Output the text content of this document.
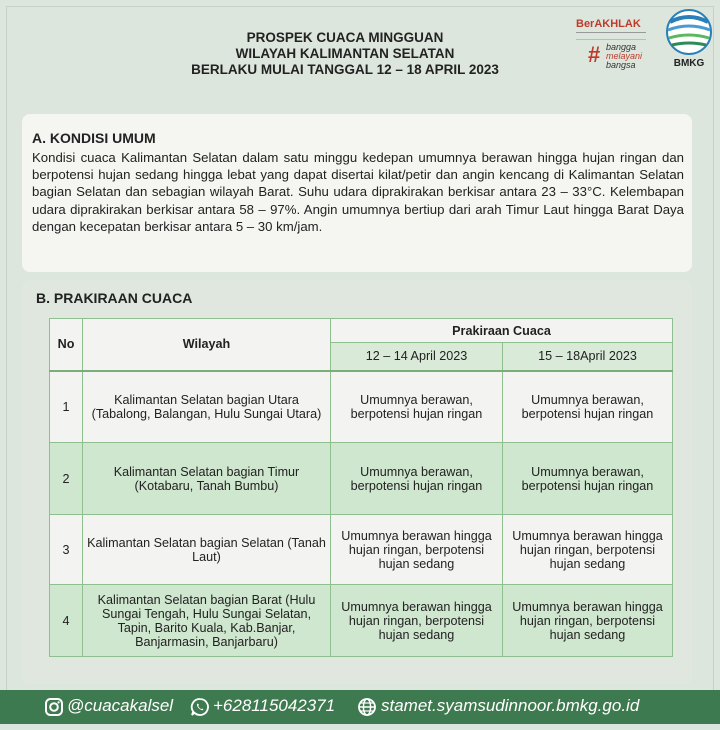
PROSPEK CUACA MINGGUAN
WILAYAH KALIMANTAN SELATAN
BERLAKU MULAI TANGGAL 12 – 18 APRIL 2023
BerAKHLAK
# bangga
melayani
bangsa	BMKG
A. KONDISI UMUM
Kondisi cuaca Kalimantan Selatan dalam satu minggu kedepan umumnya berawan hingga hujan ringan dan berpotensi hujan sedang hingga lebat yang dapat disertai kilat/petir dan angin kencang di Kalimantan Selatan bagian Selatan dan sebagian wilayah Barat. Suhu udara diprakirakan berkisar antara 23 – 33°C. Kelembapan udara diprakirakan berkisar antara 58 – 97%. Angin umumnya bertiup dari arah Timur Laut hingga Barat Daya dengan kecepatan berkisar antara 5 – 30 km/jam.
B. PRAKIRAAN CUACA
No	Wilayah	Prakiraan Cuaca	
		12 – 14 April 2023	15 – 18April 2023
1	Kalimantan Selatan bagian Utara (Tabalong, Balangan, Hulu Sungai Utara)	Umumnya berawan, berpotensi hujan ringan	Umumnya berawan, berpotensi hujan ringan
2	Kalimantan Selatan bagian Timur (Kotabaru, Tanah Bumbu)	Umumnya berawan, berpotensi hujan ringan	Umumnya berawan, berpotensi hujan ringan
3	Kalimantan Selatan bagian Selatan (Tanah Laut)	Umumnya berawan hingga hujan ringan, berpotensi hujan sedang	Umumnya berawan hingga hujan ringan, berpotensi hujan sedang
4	Kalimantan Selatan bagian Barat (Hulu Sungai Tengah, Hulu Sungai Selatan, Tapin, Barito Kuala, Kab.Banjar, Banjarmasin, Banjarbaru)	Umumnya berawan hingga hujan ringan, berpotensi hujan sedang	Umumnya berawan hingga hujan ringan, berpotensi hujan sedang
@cuacakalsel +628115042371	stamet.syamsudinnoor.bmkg.go.id
